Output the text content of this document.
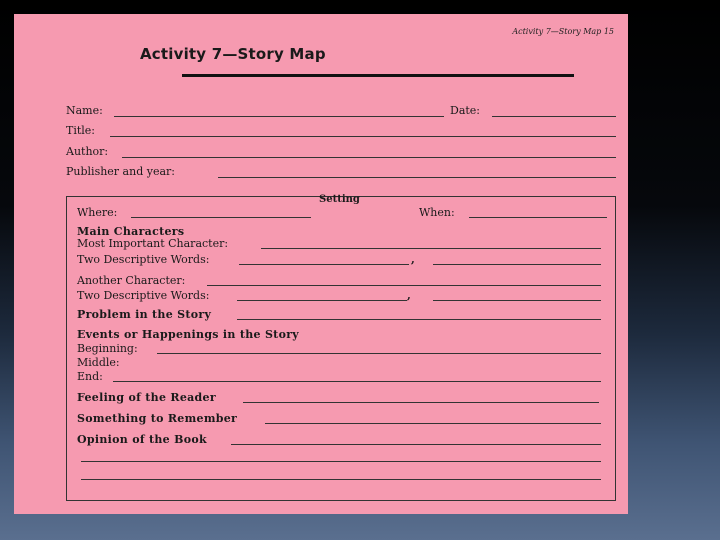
Activity 7—Story Map 15
Activity 7—Story Map
Name:	Date:
Title:
Author:
Publisher and year:
Setting
Where:	When:
Main Characters
Most Important Character:
Two Descriptive Words:	,
Another Character:
Two Descriptive Words:	,
Problem in the Story
Events or Happenings in the Story
Beginning:
Middle:
End:
Feeling of the Reader
Something to Remember
Opinion of the Book
